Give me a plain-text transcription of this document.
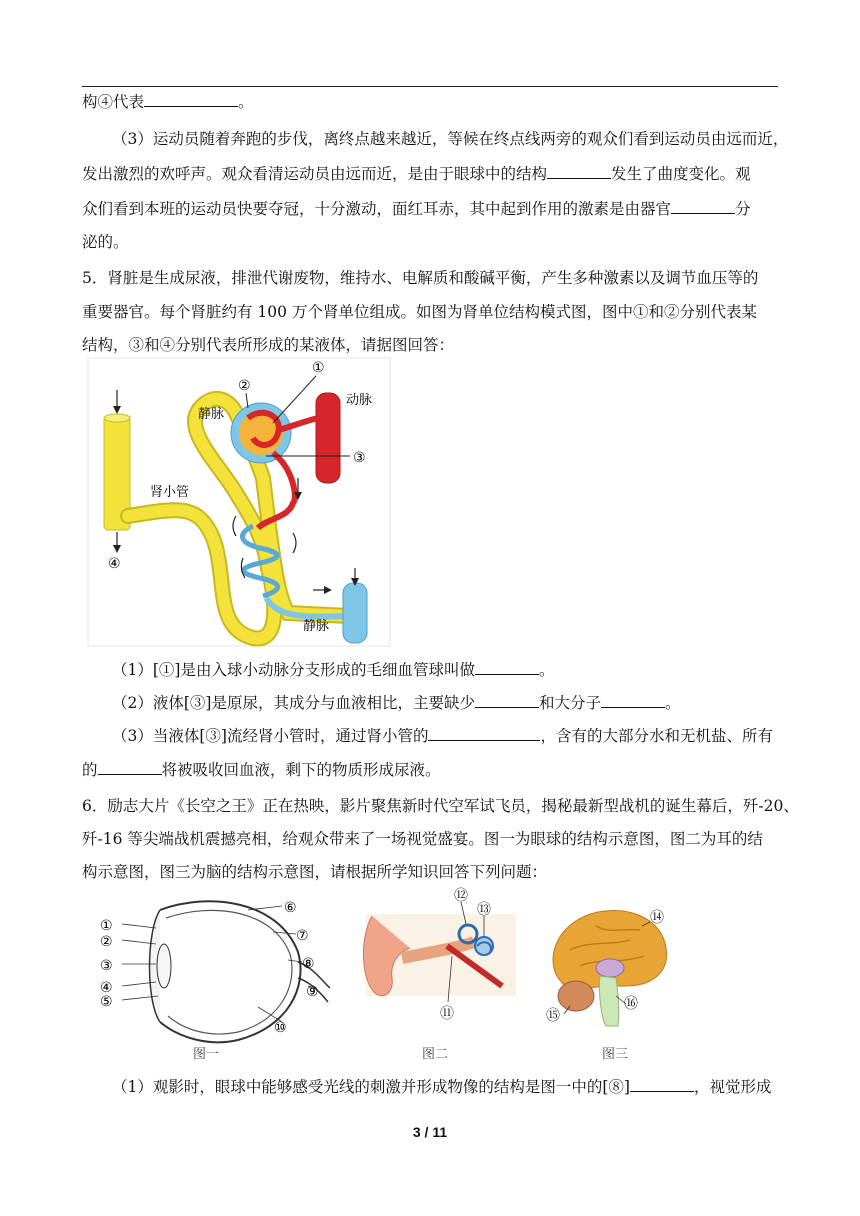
构④代表	。
（3）运动员随着奔跑的步伐，离终点越来越近，等候在终点线两旁的观众们看到运动员由远而近，
发出激烈的欢呼声。观众看清运动员由远而近，是由于眼球中的结构	发生了曲度变化。观
众们看到本班的运动员快要夺冠，十分激动，面红耳赤，其中起到作用的激素是由器官	分
泌的。
5．肾脏是生成尿液，排泄代谢废物，维持水、电解质和酸碱平衡，产生多种激素以及调节血压等的
重要器官。每个肾脏约有 100 万个肾单位组成。如图为肾单位结构模式图，图中①和②分别代表某
结构，③和④分别代表所形成的某液体，请据图回答：
①
②
③
④
静脉
动脉
肾小管
静脉
（1）[①]是由入球小动脉分支形成的毛细血管球叫做	。
（2）液体[③]是原尿，其成分与血液相比，主要缺少	和大分子	。
（3）当液体[③]流经肾小管时，通过肾小管的	，含有的大部分水和无机盐、所有
的	将被吸收回血液，剩下的物质形成尿液。
6．励志大片《长空之王》正在热映，影片聚焦新时代空军试飞员，揭秘最新型战机的诞生幕后，歼-20、
歼-16 等尖端战机震撼亮相，给观众带来了一场视觉盛宴。图一为眼球的结构示意图，图二为耳的结
构示意图，图三为脑的结构示意图，请根据所学知识回答下列问题：
①
②
③
④
⑤
⑥
⑦
⑧
⑨
⑩
图一
⑫
⑬
⑪
图二
⑭
⑮
⑯
图三
（1）观影时，眼球中能够感受光线的刺激并形成物像的结构是图一中的[⑧]	，视觉形成
3 / 11
